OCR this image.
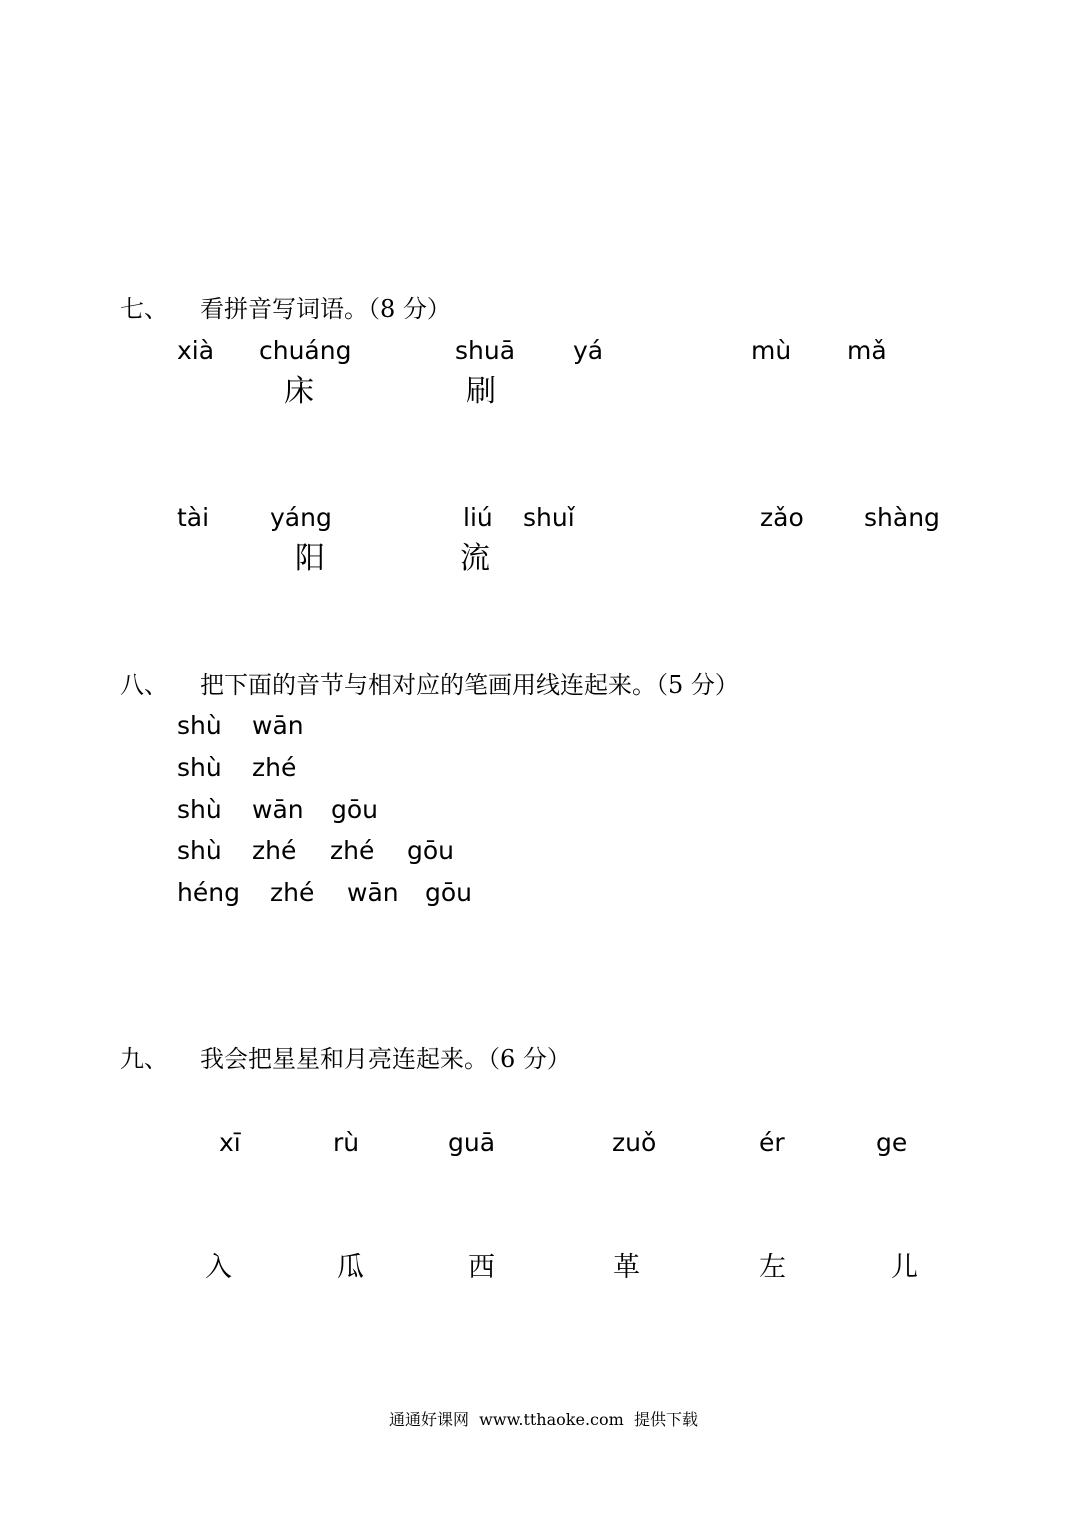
七、 看拼音写词语。（8 分）
xià chuáng	shuā yá	mù mǎ
床	刷
tài yáng	liú shuǐ	zǎo shàng
阳	流
八、 把下面的音节与相对应的笔画用线连起来。（5 分）
shù wān
shù zhé
shù wān gōu
shù zhé zhé gōu
héng zhé wān gōu
九、 我会把星星和月亮连起来。（6 分）
xī	rù	guā	zuǒ	ér	ge
入	瓜	西	革	左	儿
通通好课网  www.tthaoke.com  提供下载
